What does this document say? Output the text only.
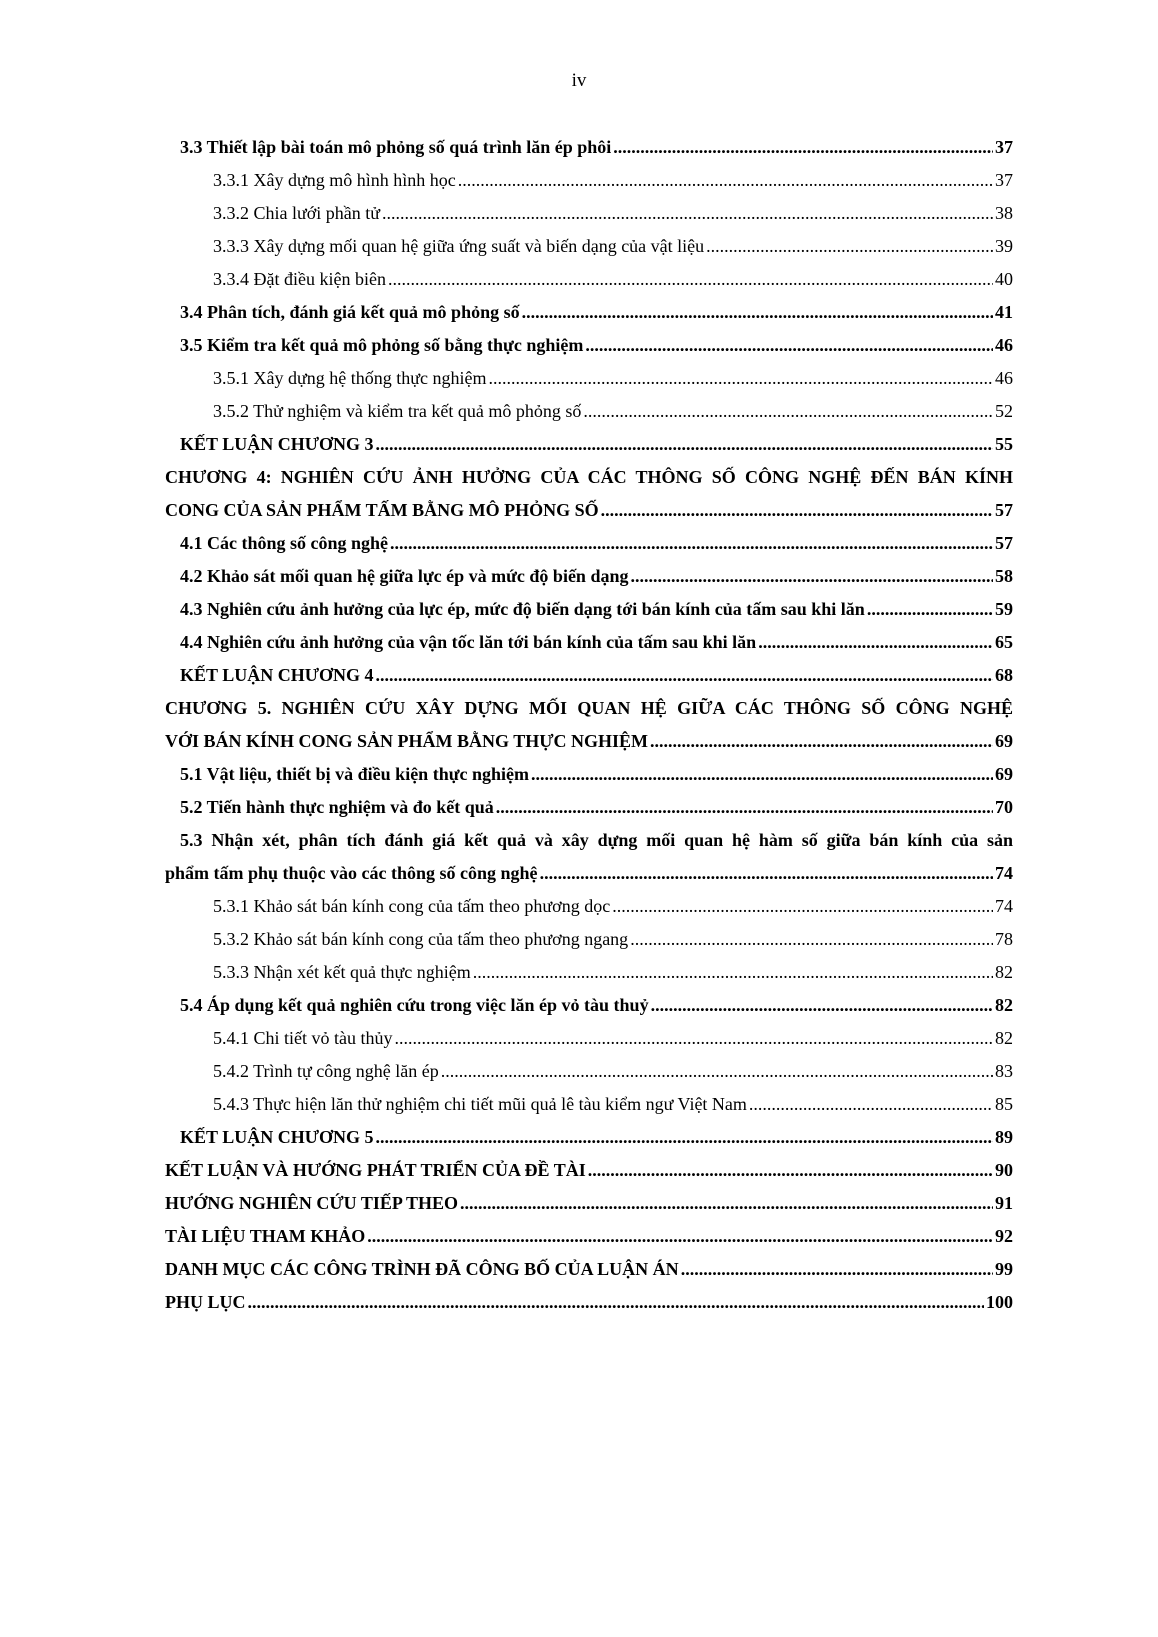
iv
3.3 Thiết lập bài toán mô phỏng số quá trình lăn ép phôi .....	37
3.3.1 Xây dựng mô hình hình học .....	37
3.3.2 Chia lưới phần tử .....	38
3.3.3 Xây dựng mối quan hệ giữa ứng suất và biến dạng của vật liệu .....	39
3.3.4 Đặt điều kiện biên .....	40
3.4 Phân tích, đánh giá kết quả mô phỏng số .....	41
3.5 Kiểm tra kết quả mô phỏng số bằng thực nghiệm .....	46
3.5.1 Xây dựng hệ thống thực nghiệm .....	46
3.5.2 Thử nghiệm và kiểm tra kết quả mô phỏng số .....	52
KẾT LUẬN CHƯƠNG 3 .....	55
CHƯƠNG 4: NGHIÊN CỨU ẢNH HƯỞNG CỦA CÁC THÔNG SỐ CÔNG NGHỆ ĐẾN BÁN KÍNH
CONG CỦA SẢN PHẨM TẤM BẰNG MÔ PHỎNG SỐ .....	57
4.1 Các thông số công nghệ .....	57
4.2 Khảo sát mối quan hệ giữa lực ép và mức độ biến dạng .....	58
4.3 Nghiên cứu ảnh hưởng của lực ép, mức độ biến dạng tới bán kính của tấm sau khi lăn .....	59
4.4 Nghiên cứu ảnh hưởng của vận tốc lăn tới bán kính của tấm sau khi lăn .....	65
KẾT LUẬN CHƯƠNG 4 .....	68
CHƯƠNG 5. NGHIÊN CỨU XÂY DỰNG MỐI QUAN HỆ GIỮA CÁC THÔNG SỐ CÔNG NGHỆ
VỚI BÁN KÍNH CONG SẢN PHẨM BẰNG THỰC NGHIỆM .....	69
5.1 Vật liệu, thiết bị và điều kiện thực nghiệm .....	69
5.2 Tiến hành thực nghiệm và đo kết quả .....	70
5.3 Nhận xét, phân tích đánh giá kết quả và xây dựng mối quan hệ hàm số giữa bán kính của sản
phẩm tấm phụ thuộc vào các thông số công nghệ .....	74
5.3.1 Khảo sát bán kính cong của tấm theo phương dọc .....	74
5.3.2 Khảo sát bán kính cong của tấm theo phương ngang .....	78
5.3.3 Nhận xét kết quả thực nghiệm .....	82
5.4 Áp dụng kết quả nghiên cứu trong việc lăn ép vỏ tàu thuỷ .....	82
5.4.1 Chi tiết vỏ tàu thủy .....	82
5.4.2 Trình tự công nghệ lăn ép .....	83
5.4.3 Thực hiện lăn thử nghiệm chi tiết mũi quả lê tàu kiểm ngư Việt Nam .....	85
KẾT LUẬN CHƯƠNG 5 .....	89
KẾT LUẬN VÀ HƯỚNG PHÁT TRIỂN CỦA ĐỀ TÀI .....	90
HƯỚNG NGHIÊN CỨU TIẾP THEO .....	91
TÀI LIỆU THAM KHẢO .....	92
DANH MỤC CÁC CÔNG TRÌNH ĐÃ CÔNG BỐ CỦA LUẬN ÁN .....	99
PHỤ LỤC .....	100
